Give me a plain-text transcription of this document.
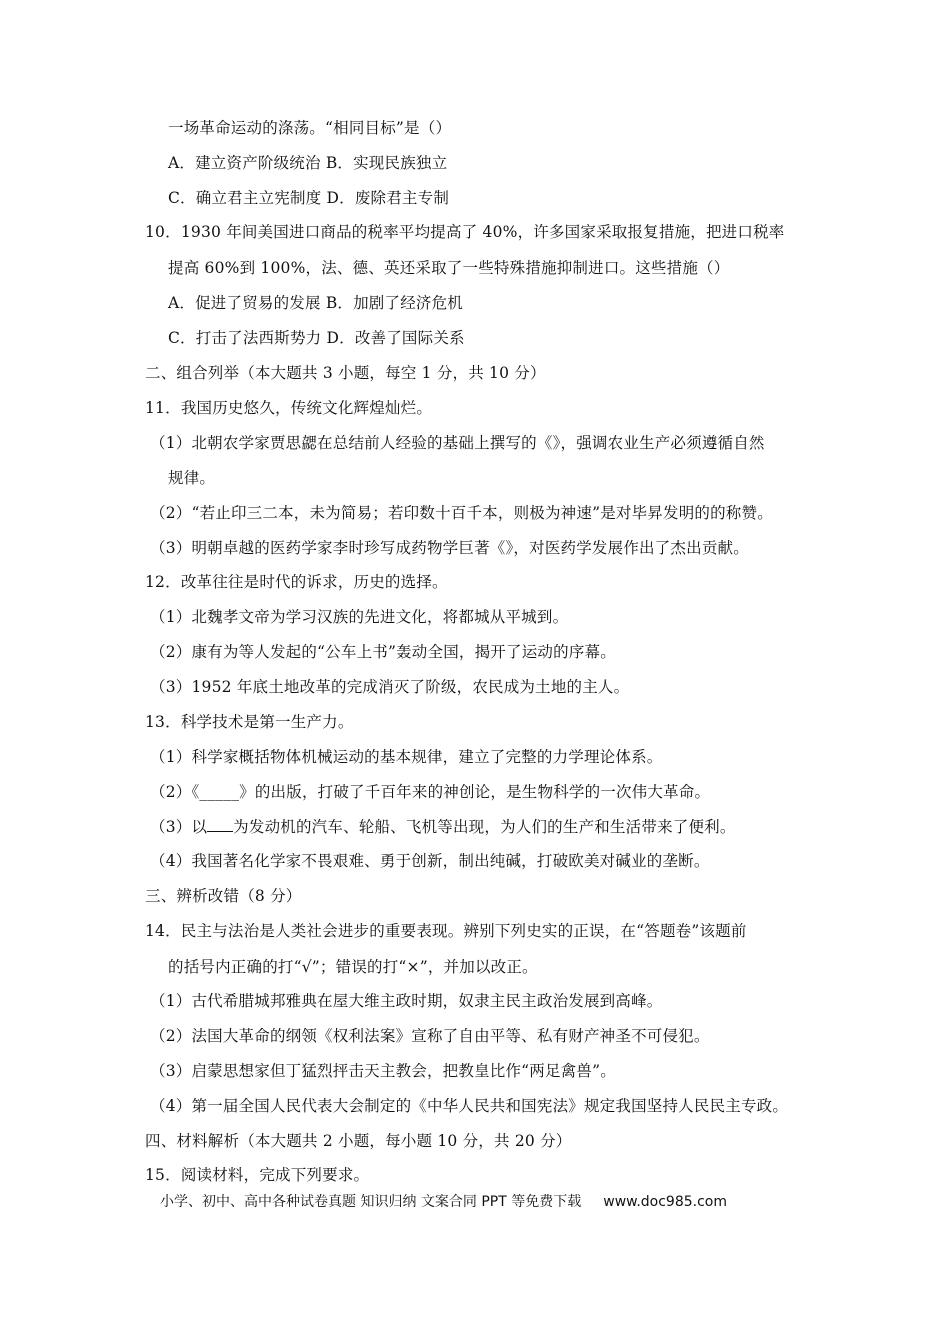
一场革命运动的涤荡。“相同目标”是（）
A．建立资产阶级统治 B．实现民族独立
C．确立君主立宪制度 D．废除君主专制
10．1930 年间美国进口商品的税率平均提高了 40%，许多国家采取报复措施，把进口税率
提高 60%到 100%，法、德、英还采取了一些特殊措施抑制进口。这些措施（）
A．促进了贸易的发展 B．加剧了经济危机
C．打击了法西斯势力 D．改善了国际关系
二、组合列举（本大题共 3 小题，每空 1 分，共 10 分）
11．我国历史悠久，传统文化辉煌灿烂。
（1）北朝农学家贾思勰在总结前人经验的基础上撰写的《》，强调农业生产必须遵循自然
规律。
（2）“若止印三二本，未为简易；若印数十百千本，则极为神速”是对毕昇发明的的称赞。
（3）明朝卓越的医药学家李时珍写成药物学巨著《》，对医药学发展作出了杰出贡献。
12．改革往往是时代的诉求，历史的选择。
（1）北魏孝文帝为学习汉族的先进文化，将都城从平城到。
（2）康有为等人发起的“公车上书”轰动全国，揭开了运动的序幕。
（3）1952 年底土地改革的完成消灭了阶级，农民成为土地的主人。
13．科学技术是第一生产力。
（1）科学家概括物体机械运动的基本规律，建立了完整的力学理论体系。
（2）《_____》的出版，打破了千百年来的神创论，是生物科学的一次伟大革命。
（3）以 为发动机的汽车、轮船、飞机等出现，为人们的生产和生活带来了便利。
（4）我国著名化学家不畏艰难、勇于创新，制出纯碱，打破欧美对碱业的垄断。
三、辨析改错（8 分）
14．民主与法治是人类社会进步的重要表现。辨别下列史实的正误，在“答题卷”该题前
的括号内正确的打“√”；错误的打“×”，并加以改正。
（1）古代希腊城邦雅典在屋大维主政时期，奴隶主民主政治发展到高峰。
（2）法国大革命的纲领《权利法案》宣称了自由平等、私有财产神圣不可侵犯。
（3）启蒙思想家但丁猛烈抨击天主教会，把教皇比作“两足禽兽”。
（4）第一届全国人民代表大会制定的《中华人民共和国宪法》规定我国坚持人民民主专政。
四、材料解析（本大题共 2 小题，每小题 10 分，共 20 分）
15．阅读材料，完成下列要求。
小学、初中、高中各种试卷真题 知识归纳 文案合同 PPT 等免费下载 www.doc985.com
